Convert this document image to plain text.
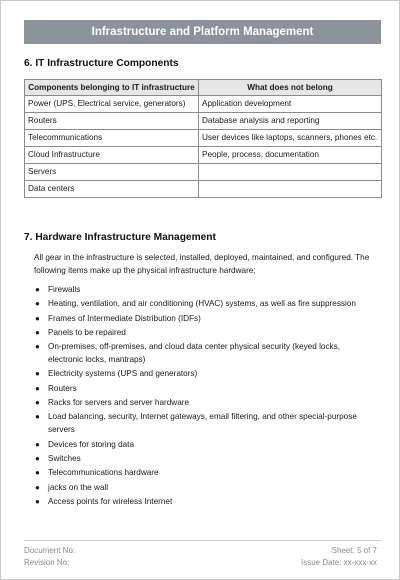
Infrastructure and Platform Management
6. IT Infrastructure Components
Components belonging to IT infrastructure	What does not belong
Power (UPS, Electrical service, generators)	Application development
Routers	Database analysis and reporting
Telecommunications	User devices like laptops, scanners, phones etc.
Cloud Infrastructure	People, process, documentation
Servers	
Data centers	
7. Hardware Infrastructure Management

All gear in the infrastructure is selected, installed, deployed, maintained, and configured. The following items make up the physical infrastructure hardware:

● Firewalls
● Heating, ventilation, and air conditioning (HVAC) systems, as well as fire suppression
● Frames of Intermediate Distribution (IDFs)
● Panels to be repaired
● On-premises, off-premises, and cloud data center physical security (keyed locks, electronic locks, mantraps)
● Electricity systems (UPS and generators)
● Routers
● Racks for servers and server hardware
● Load balancing, security, Internet gateways, email filtering, and other special-purpose servers
● Devices for storing data
● Switches
● Telecommunications hardware
● jacks on the wall
● Access points for wireless Internet
Document No:
Revision No:
Sheet: 5 of 7
Issue Date: xx-xxx-xx
